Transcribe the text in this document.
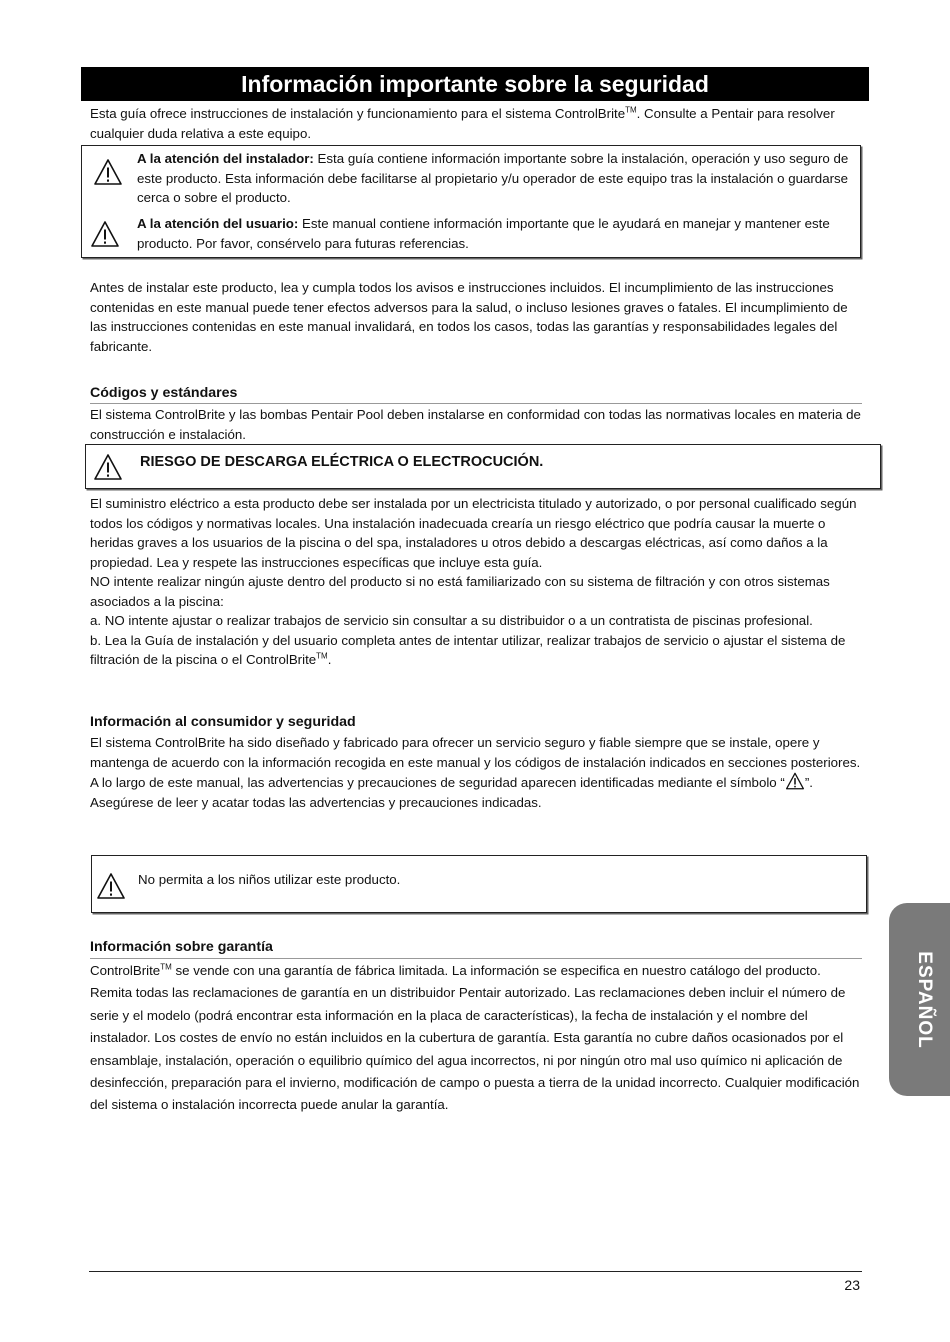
Información importante sobre la seguridad
Esta guía ofrece instrucciones de instalación y funcionamiento para el sistema ControlBrite™. Consulte a Pentair para resolver cualquier duda relativa a este equipo.
A la atención del instalador: Esta guía contiene información importante sobre la instalación, operación y uso seguro de este producto. Esta información debe facilitarse al propietario y/u operador de este equipo tras la instalación o guardarse cerca o sobre el producto.
A la atención del usuario: Este manual contiene información importante que le ayudará en manejar y mantener este producto. Por favor, consérvelo para futuras referencias.
Antes de instalar este producto, lea y cumpla todos los avisos e instrucciones incluidos. El incumplimiento de las instrucciones contenidas en este manual puede tener efectos adversos para la salud, o incluso lesiones graves o fatales. El incumplimiento de las instrucciones contenidas en este manual invalidará, en todos los casos, todas las garantías y responsabilidades legales del fabricante.
Códigos y estándares
El sistema ControlBrite y las bombas Pentair Pool deben instalarse en conformidad con todas las normativas locales en materia de construcción e instalación.
RIESGO DE DESCARGA ELÉCTRICA O ELECTROCUCIÓN.
El suministro eléctrico a esta producto debe ser instalada por un electricista titulado y autorizado, o por personal cualificado según todos los códigos y normativas locales. Una instalación inadecuada crearía un riesgo eléctrico que podría causar la muerte o heridas graves a los usuarios de la piscina o del spa, instaladores u otros debido a descargas eléctricas, así como daños a la propiedad. Lea y respete las instrucciones específicas que incluye esta guía.
NO intente realizar ningún ajuste dentro del producto si no está familiarizado con su sistema de filtración y con otros sistemas asociados a la piscina:
a. NO intente ajustar o realizar trabajos de servicio sin consultar a su distribuidor o a un contratista de piscinas profesional.
b. Lea la Guía de instalación y del usuario completa antes de intentar utilizar, realizar trabajos de servicio o ajustar el sistema de filtración de la piscina o el ControlBrite™.
Información al consumidor y seguridad
El sistema ControlBrite ha sido diseñado y fabricado para ofrecer un servicio seguro y fiable siempre que se instale, opere y mantenga de acuerdo con la información recogida en este manual y los códigos de instalación indicados en secciones posteriores. A lo largo de este manual, las advertencias y precauciones de seguridad aparecen identificadas mediante el símbolo “ ”. Asegúrese de leer y acatar todas las advertencias y precauciones indicadas.
No permita a los niños utilizar este producto.
Información sobre garantía
ControlBrite™ se vende con una garantía de fábrica limitada. La información se especifica en nuestro catálogo del producto. Remita todas las reclamaciones de garantía en un distribuidor Pentair autorizado. Las reclamaciones deben incluir el número de serie y el modelo (podrá encontrar esta información en la placa de características), la fecha de instalación y el nombre del instalador. Los costes de envío no están incluidos en la cubertura de garantía. Esta garantía no cubre daños ocasionados por el ensamblaje, instalación, operación o equilibrio químico del agua incorrectos, ni por ningún otro mal uso químico ni aplicación de desinfección, preparación para el invierno, modificación de campo o puesta a tierra de la unidad incorrecto. Cualquier modificación del sistema o instalación incorrecta puede anular la garantía.
ESPAÑOL
23
